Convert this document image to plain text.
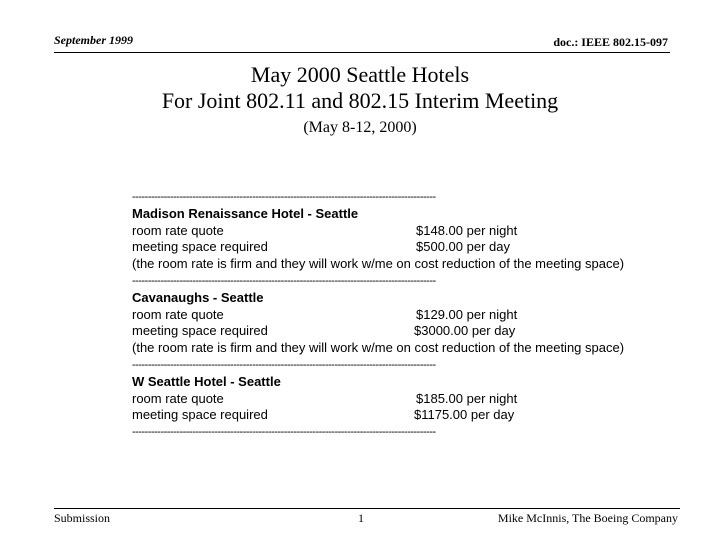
September 1999	doc.: IEEE 802.15-097
May 2000 Seattle Hotels
For Joint 802.11 and 802.15 Interim Meeting
(May 8-12, 2000)
------------------------------------------------------------------------------------------------
Madison Renaissance Hotel - Seattle
room rate quote	$148.00 per night
meeting space required	$500.00 per day
(the room rate is firm and they will work w/me on cost reduction of the meeting space)
------------------------------------------------------------------------------------------------
Cavanaughs - Seattle
room rate quote	$129.00 per night
meeting space required	$3000.00 per day
(the room rate is firm and they will work w/me on cost reduction of the meeting space)
------------------------------------------------------------------------------------------------
W Seattle Hotel - Seattle
room rate quote	$185.00 per night
meeting space required	$1175.00 per day
------------------------------------------------------------------------------------------------
Submission	1	Mike McInnis, The Boeing Company
